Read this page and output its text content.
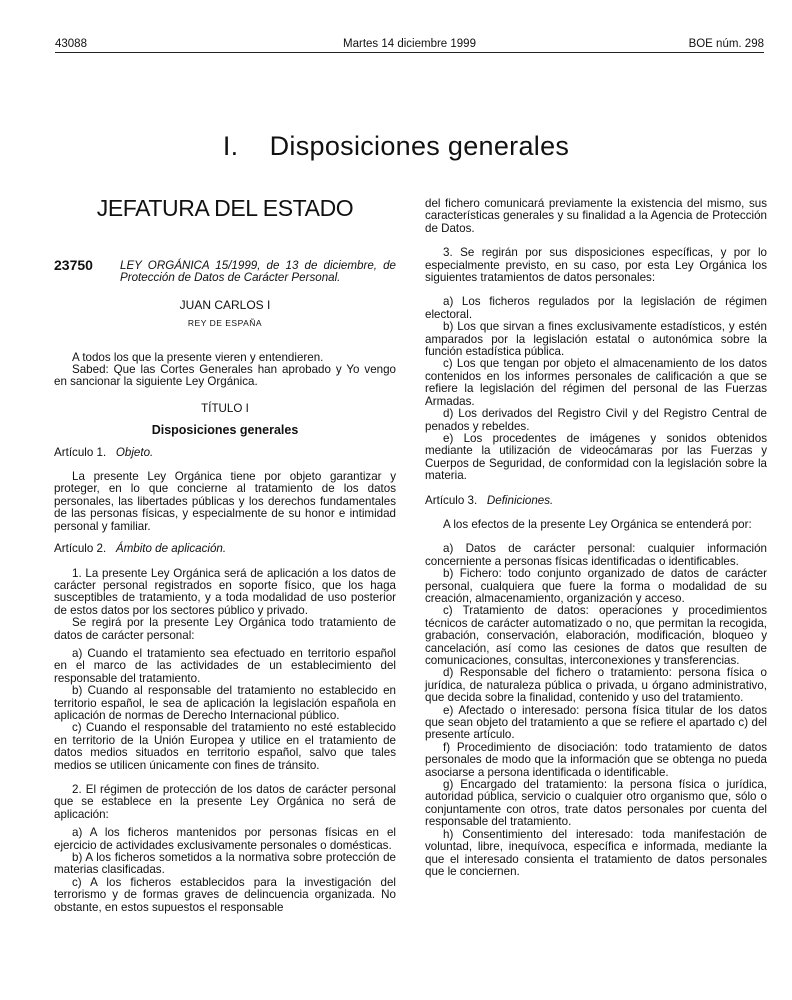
43088	Martes 14 diciembre 1999	BOE núm. 298
I.    Disposiciones generales
JEFATURA DEL ESTADO
23750 LEY ORGÁNICA 15/1999, de 13 de diciembre, de Protección de Datos de Carácter Personal.
JUAN CARLOS I
REY DE ESPAÑA

A todos los que la presente vieren y entendieren.

Sabed: Que las Cortes Generales han aprobado y Yo vengo en sancionar la siguiente Ley Orgánica.

TÍTULO I

Disposiciones generales

Artículo 1. Objeto.

La presente Ley Orgánica tiene por objeto garantizar y proteger, en lo que concierne al tratamiento de los datos personales, las libertades públicas y los derechos fundamentales de las personas físicas, y especialmente de su honor e intimidad personal y familiar.

Artículo 2. Ámbito de aplicación.

1. La presente Ley Orgánica será de aplicación a los datos de carácter personal registrados en soporte físico, que los haga susceptibles de tratamiento, y a toda modalidad de uso posterior de estos datos por los sectores público y privado.

Se regirá por la presente Ley Orgánica todo tratamiento de datos de carácter personal:

a) Cuando el tratamiento sea efectuado en territorio español en el marco de las actividades de un establecimiento del responsable del tratamiento.

b) Cuando al responsable del tratamiento no establecido en territorio español, le sea de aplicación la legislación española en aplicación de normas de Derecho Internacional público.

c) Cuando el responsable del tratamiento no esté establecido en territorio de la Unión Europea y utilice en el tratamiento de datos medios situados en territorio español, salvo que tales medios se utilicen únicamente con fines de tránsito.

2. El régimen de protección de los datos de carácter personal que se establece en la presente Ley Orgánica no será de aplicación:

a) A los ficheros mantenidos por personas físicas en el ejercicio de actividades exclusivamente personales o domésticas.

b) A los ficheros sometidos a la normativa sobre protección de materias clasificadas.

c) A los ficheros establecidos para la investigación del terrorismo y de formas graves de delincuencia organizada. No obstante, en estos supuestos el responsable

del fichero comunicará previamente la existencia del mismo, sus características generales y su finalidad a la Agencia de Protección de Datos.

3. Se regirán por sus disposiciones específicas, y por lo especialmente previsto, en su caso, por esta Ley Orgánica los siguientes tratamientos de datos personales:

a) Los ficheros regulados por la legislación de régimen electoral.

b) Los que sirvan a fines exclusivamente estadísticos, y estén amparados por la legislación estatal o autonómica sobre la función estadística pública.

c) Los que tengan por objeto el almacenamiento de los datos contenidos en los informes personales de calificación a que se refiere la legislación del régimen del personal de las Fuerzas Armadas.

d) Los derivados del Registro Civil y del Registro Central de penados y rebeldes.

e) Los procedentes de imágenes y sonidos obtenidos mediante la utilización de videocámaras por las Fuerzas y Cuerpos de Seguridad, de conformidad con la legislación sobre la materia.

Artículo 3. Definiciones.

A los efectos de la presente Ley Orgánica se entenderá por:

a) Datos de carácter personal: cualquier información concerniente a personas físicas identificadas o identificables.

b) Fichero: todo conjunto organizado de datos de carácter personal, cualquiera que fuere la forma o modalidad de su creación, almacenamiento, organización y acceso.

c) Tratamiento de datos: operaciones y procedimientos técnicos de carácter automatizado o no, que permitan la recogida, grabación, conservación, elaboración, modificación, bloqueo y cancelación, así como las cesiones de datos que resulten de comunicaciones, consultas, interconexiones y transferencias.

d) Responsable del fichero o tratamiento: persona física o jurídica, de naturaleza pública o privada, u órgano administrativo, que decida sobre la finalidad, contenido y uso del tratamiento.

e) Afectado o interesado: persona física titular de los datos que sean objeto del tratamiento a que se refiere el apartado c) del presente artículo.

f) Procedimiento de disociación: todo tratamiento de datos personales de modo que la información que se obtenga no pueda asociarse a persona identificada o identificable.

g) Encargado del tratamiento: la persona física o jurídica, autoridad pública, servicio o cualquier otro organismo que, sólo o conjuntamente con otros, trate datos personales por cuenta del responsable del tratamiento.

h) Consentimiento del interesado: toda manifestación de voluntad, libre, inequívoca, específica e informada, mediante la que el interesado consienta el tratamiento de datos personales que le conciernen.
